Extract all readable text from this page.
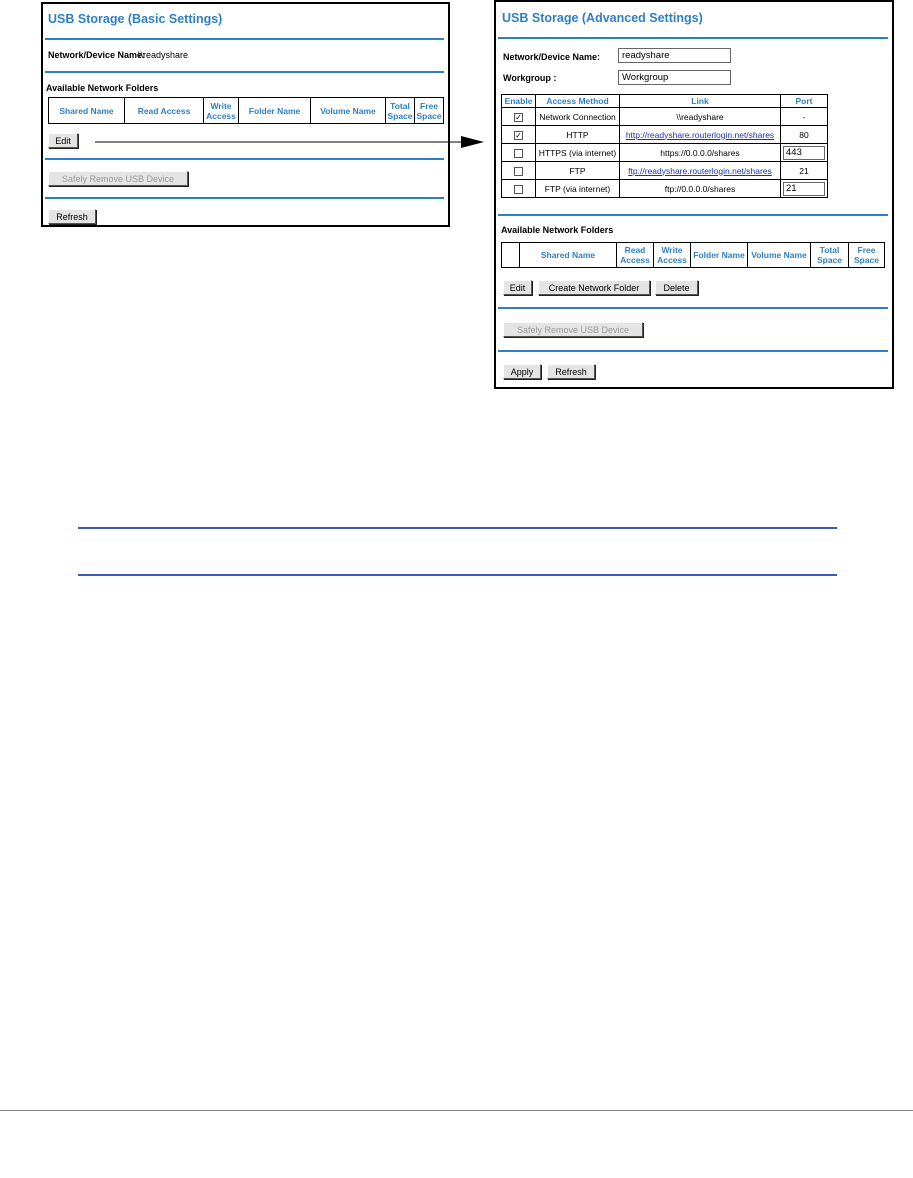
USB Storage (Basic Settings)
Network/Device Name:
\\readyshare
Available Network Folders
Shared Name	Read Access	Write Access	Folder Name	Volume Name	Total Space	Free Space
Edit
Safely Remove USB Device
Refresh
USB Storage (Advanced Settings)
Network/Device Name:	readyshare
Workgroup :	Workgroup
Enable	Access Method	Link	Port
✓	Network Connection	\\readyshare	-
✓	HTTP	http://readyshare.routerlogin.net/shares	80
	HTTPS (via internet)	https://0.0.0.0/shares	443

	FTP	ftp://readyshare.routerlogin.net/shares	21
	FTP (via internet)	ftp://0.0.0.0/shares	21
Available Network Folders
	Shared Name	Read Access	Write Access	Folder Name	Volume Name	Total Space	Free Space
Edit	Create Network Folder	Delete
Safely Remove USB Device
Apply	Refresh
